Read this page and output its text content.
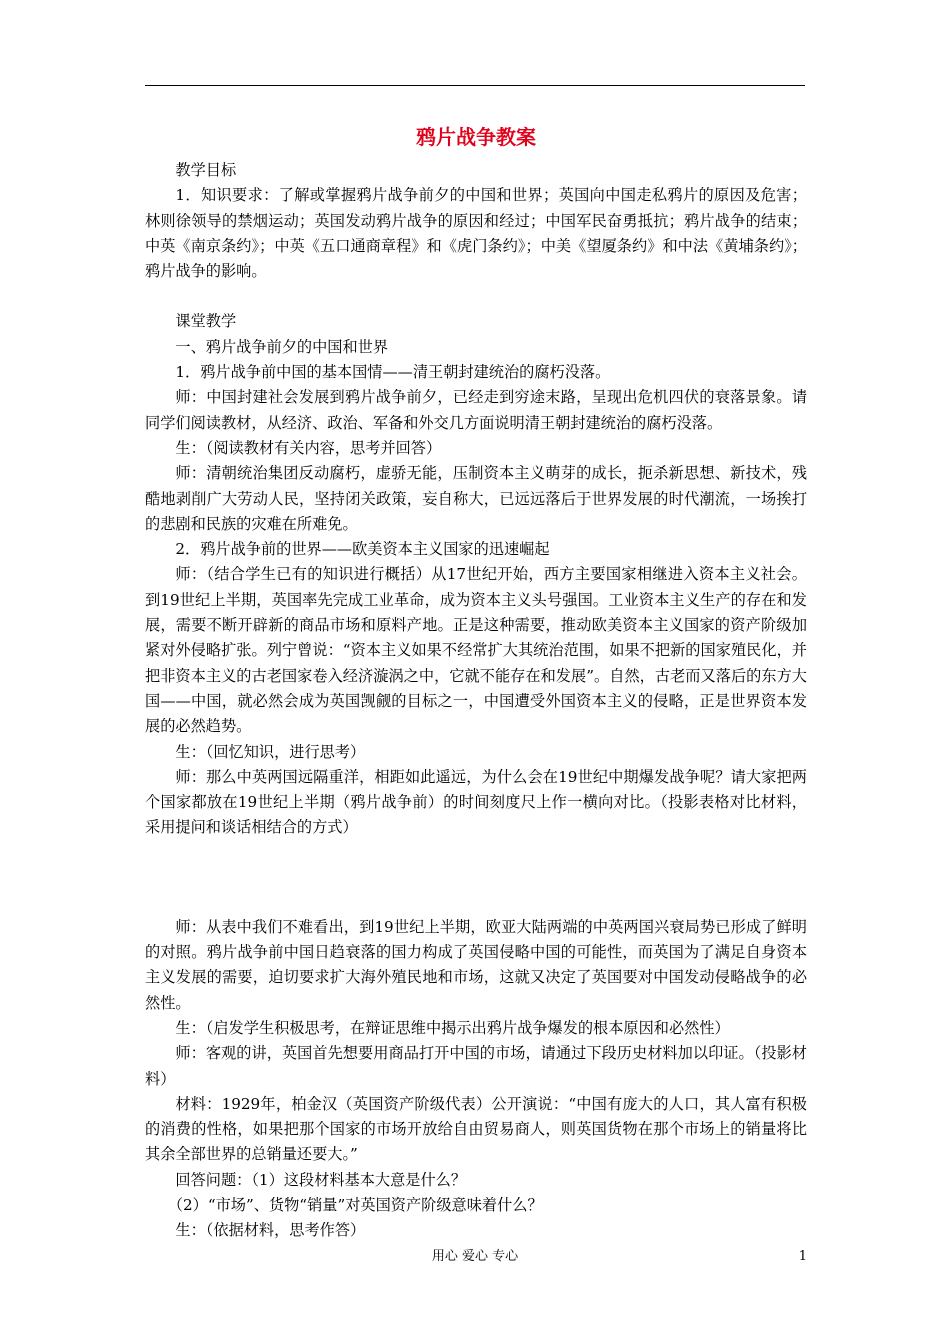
鸦片战争教案

教学目标

1．知识要求：了解或掌握鸦片战争前夕的中国和世界；英国向中国走私鸦片的原因及危害；林则徐领导的禁烟运动；英国发动鸦片战争的原因和经过；中国军民奋勇抵抗；鸦片战争的结束；中英《南京条约》；中英《五口通商章程》和《虎门条约》；中美《望厦条约》和中法《黄埔条约》；鸦片战争的影响。

课堂教学

一、鸦片战争前夕的中国和世界

1．鸦片战争前中国的基本国情——清王朝封建统治的腐朽没落。

师：中国封建社会发展到鸦片战争前夕，已经走到穷途末路，呈现出危机四伏的衰落景象。请同学们阅读教材，从经济、政治、军备和外交几方面说明清王朝封建统治的腐朽没落。

生：（阅读教材有关内容，思考并回答）

师：清朝统治集团反动腐朽，虚骄无能，压制资本主义萌芽的成长，扼杀新思想、新技术，残酷地剥削广大劳动人民，坚持闭关政策，妄自称大，已远远落后于世界发展的时代潮流，一场挨打的悲剧和民族的灾难在所难免。

2．鸦片战争前的世界——欧美资本主义国家的迅速崛起

师：（结合学生已有的知识进行概括）从17世纪开始，西方主要国家相继进入资本主义社会。到19世纪上半期，英国率先完成工业革命，成为资本主义头号强国。工业资本主义生产的存在和发展，需要不断开辟新的商品市场和原料产地。正是这种需要，推动欧美资本主义国家的资产阶级加紧对外侵略扩张。列宁曾说：“资本主义如果不经常扩大其统治范围，如果不把新的国家殖民化，并把非资本主义的古老国家卷入经济漩涡之中，它就不能存在和发展”。自然，古老而又落后的东方大国——中国，就必然会成为英国觊觎的目标之一，中国遭受外国资本主义的侵略，正是世界资本发展的必然趋势。

生：（回忆知识，进行思考）

师：那么中英两国远隔重洋，相距如此遥远，为什么会在19世纪中期爆发战争呢？请大家把两个国家都放在19世纪上半期（鸦片战争前）的时间刻度尺上作一横向对比。（投影表格对比材料，采用提问和谈话相结合的方式）

师：从表中我们不难看出，到19世纪上半期，欧亚大陆两端的中英两国兴衰局势已形成了鲜明的对照。鸦片战争前中国日趋衰落的国力构成了英国侵略中国的可能性，而英国为了满足自身资本主义发展的需要，迫切要求扩大海外殖民地和市场，这就又决定了英国要对中国发动侵略战争的必然性。

生：（启发学生积极思考，在辩证思维中揭示出鸦片战争爆发的根本原因和必然性）

师：客观的讲，英国首先想要用商品打开中国的市场，请通过下段历史材料加以印证。（投影材料）

材料：1929年，柏金汉（英国资产阶级代表）公开演说：“中国有庞大的人口，其人富有积极的消费的性格，如果把那个国家的市场开放给自由贸易商人，则英国货物在那个市场上的销量将比其余全部世界的总销量还要大。”

回答问题：（1）这段材料基本大意是什么？

（2）“市场”、货物“销量”对英国资产阶级意味着什么？

生：（依据材料，思考作答）

用心 爱心 专心	1
